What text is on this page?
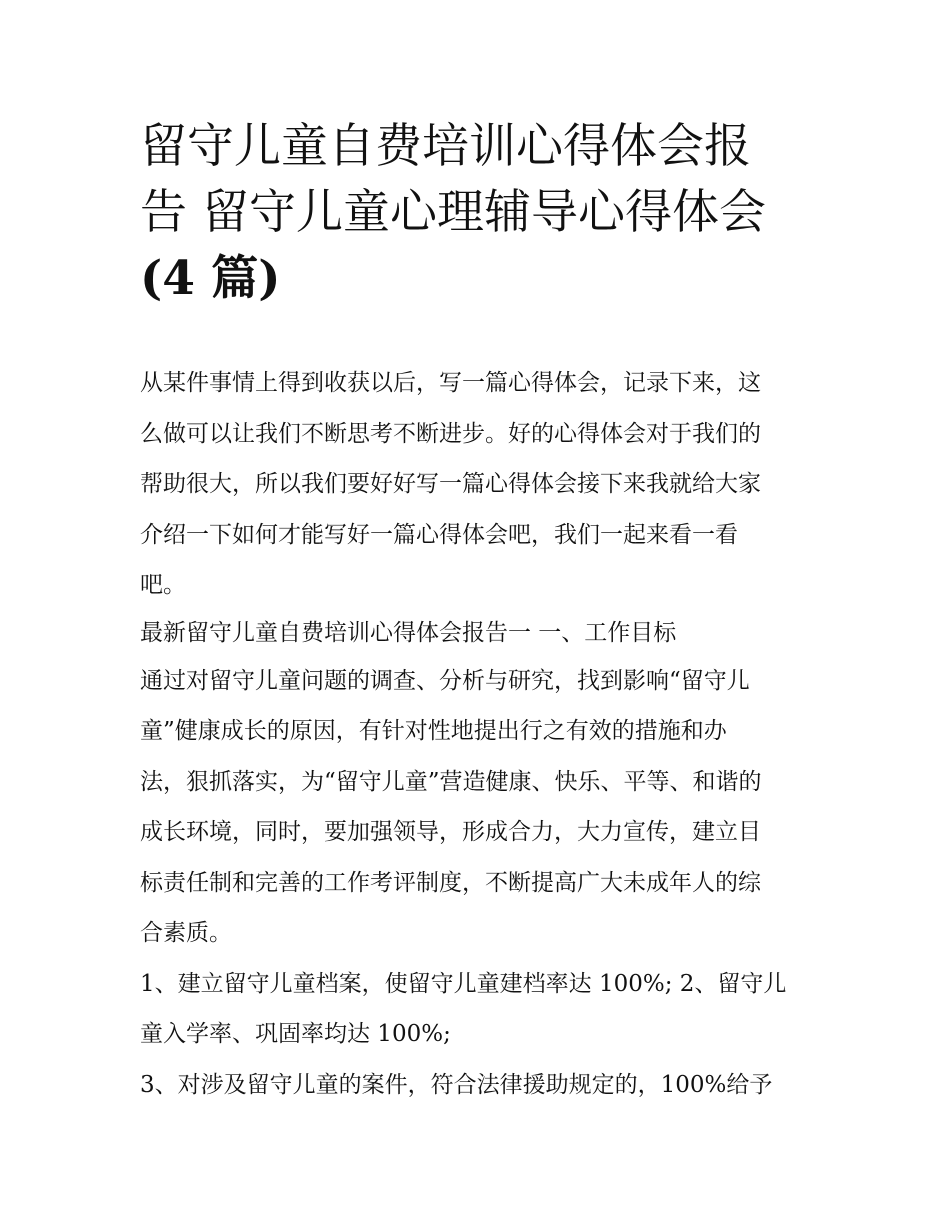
留守儿童自费培训心得体会报
告 留守儿童心理辅导心得体会
(4 篇)
从某件事情上得到收获以后，写一篇心得体会，记录下来，这
么做可以让我们不断思考不断进步。好的心得体会对于我们的
帮助很大，所以我们要好好写一篇心得体会接下来我就给大家
介绍一下如何才能写好一篇心得体会吧，我们一起来看一看
吧。
最新留守儿童自费培训心得体会报告一 一、工作目标
通过对留守儿童问题的调查、分析与研究，找到影响“留守儿
童”健康成长的原因，有针对性地提出行之有效的措施和办
法，狠抓落实，为“留守儿童”营造健康、快乐、平等、和谐的
成长环境，同时，要加强领导，形成合力，大力宣传，建立目
标责任制和完善的工作考评制度，不断提高广大未成年人的综
合素质。
1、建立留守儿童档案，使留守儿童建档率达 100%; 2、留守儿
童入学率、巩固率均达 100%;
3、对涉及留守儿童的案件，符合法律援助规定的，100%给予
